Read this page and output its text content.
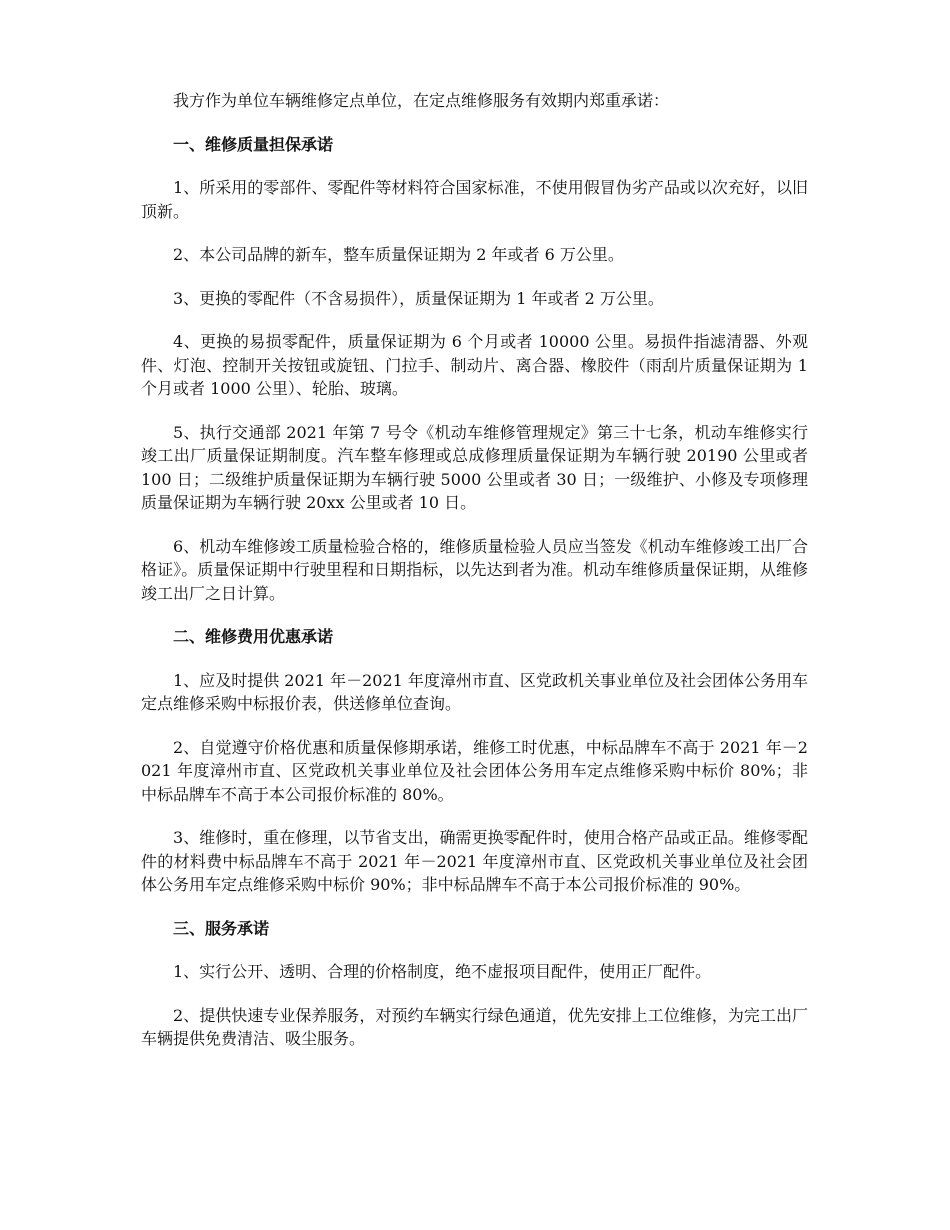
我方作为单位车辆维修定点单位，在定点维修服务有效期内郑重承诺：

一、维修质量担保承诺

1、所采用的零部件、零配件等材料符合国家标准，不使用假冒伪劣产品或以次充好，以旧顶新。

2、本公司品牌的新车，整车质量保证期为 2 年或者 6 万公里。

3、更换的零配件（不含易损件），质量保证期为 1 年或者 2 万公里。

4、更换的易损零配件，质量保证期为 6 个月或者 10000 公里。易损件指滤清器、外观件、灯泡、控制开关按钮或旋钮、门拉手、制动片、离合器、橡胶件（雨刮片质量保证期为 1 个月或者 1000 公里）、轮胎、玻璃。

5、执行交通部 2021 年第 7 号令《机动车维修管理规定》第三十七条，机动车维修实行竣工出厂质量保证期制度。汽车整车修理或总成修理质量保证期为车辆行驶 20190 公里或者 100 日；二级维护质量保证期为车辆行驶 5000 公里或者 30 日；一级维护、小修及专项修理质量保证期为车辆行驶 20xx 公里或者 10 日。

6、机动车维修竣工质量检验合格的，维修质量检验人员应当签发《机动车维修竣工出厂合格证》。质量保证期中行驶里程和日期指标，以先达到者为准。机动车维修质量保证期，从维修竣工出厂之日计算。

二、维修费用优惠承诺

1、应及时提供 2021 年－2021 年度漳州市直、区党政机关事业单位及社会团体公务用车定点维修采购中标报价表，供送修单位查询。

2、自觉遵守价格优惠和质量保修期承诺，维修工时优惠，中标品牌车不高于 2021 年－2021 年度漳州市直、区党政机关事业单位及社会团体公务用车定点维修采购中标价 80%；非中标品牌车不高于本公司报价标准的 80%。

3、维修时，重在修理，以节省支出，确需更换零配件时，使用合格产品或正品。维修零配件的材料费中标品牌车不高于 2021 年－2021 年度漳州市直、区党政机关事业单位及社会团体公务用车定点维修采购中标价 90%；非中标品牌车不高于本公司报价标准的 90%。

三、服务承诺

1、实行公开、透明、合理的价格制度，绝不虚报项目配件，使用正厂配件。

2、提供快速专业保养服务，对预约车辆实行绿色通道，优先安排上工位维修，为完工出厂车辆提供免费清洁、吸尘服务。
